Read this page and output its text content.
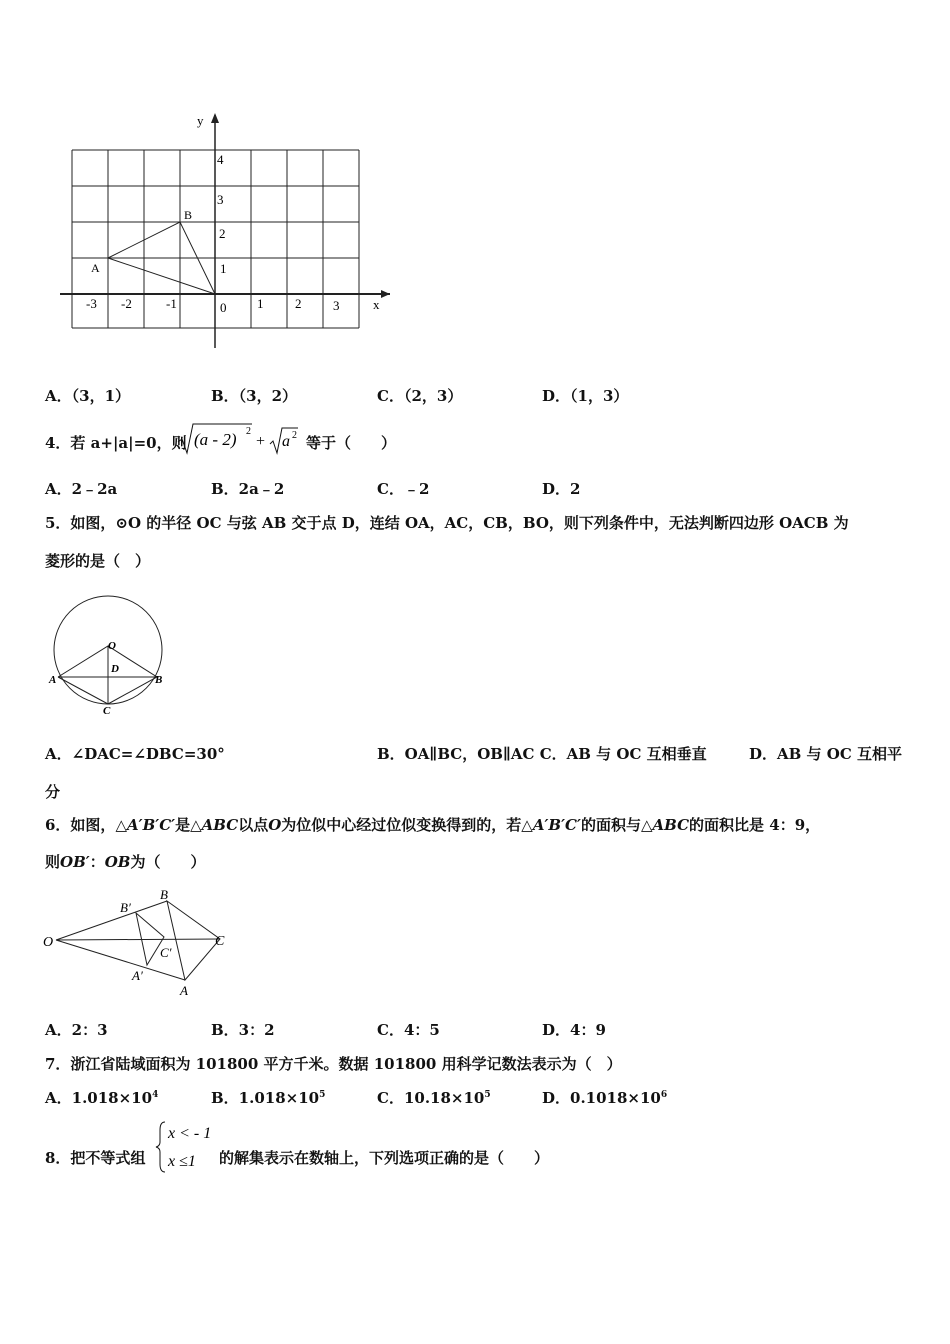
y
x
4
3
2
1
0
-3 -2	-1	1 2 3
A
B
A．（3，1）	B．（3，2）	C．（2，3）	D．（1，3）
4．若 a+|a|=0，则 (a - 2) 2
+ a 2 等于（　　）
A．2﹣2a	B．2a﹣2	C．﹣2	D．2
5．如图，⊙O 的半径 OC 与弦 AB 交于点 D，连结 OA，AC，CB，BO，则下列条件中，无法判断四边形 OACB 为
菱形的是（　）
O
D
A	B
C
A．∠DAC=∠DBC=30°	B．OA∥BC，OB∥AC C．AB 与 OC 互相垂直	D．AB 与 OC 互相平
分
6．如图，△A′B′C′是△ABC以点O为位似中心经过位似变换得到的，若△A′B′C′的面积与△ABC的面积比是 4：9，
则OB′：OB为（　　）
O
B′
B
C′
C
A′
A
A．2：3	B．3：2	C．4：5	D．4：9
7．浙江省陆域面积为 101800 平方千米。数据 101800 用科学记数法表示为（　）
A．$1.018\times 10^4$	B．$1.018\times 10^5$	C．$10.18\times 10^5$	D．$0.1018\times 10^6$
8．把不等式组
x < - 1
x ≤1 的解集表示在数轴上，下列选项正确的是（　　）
